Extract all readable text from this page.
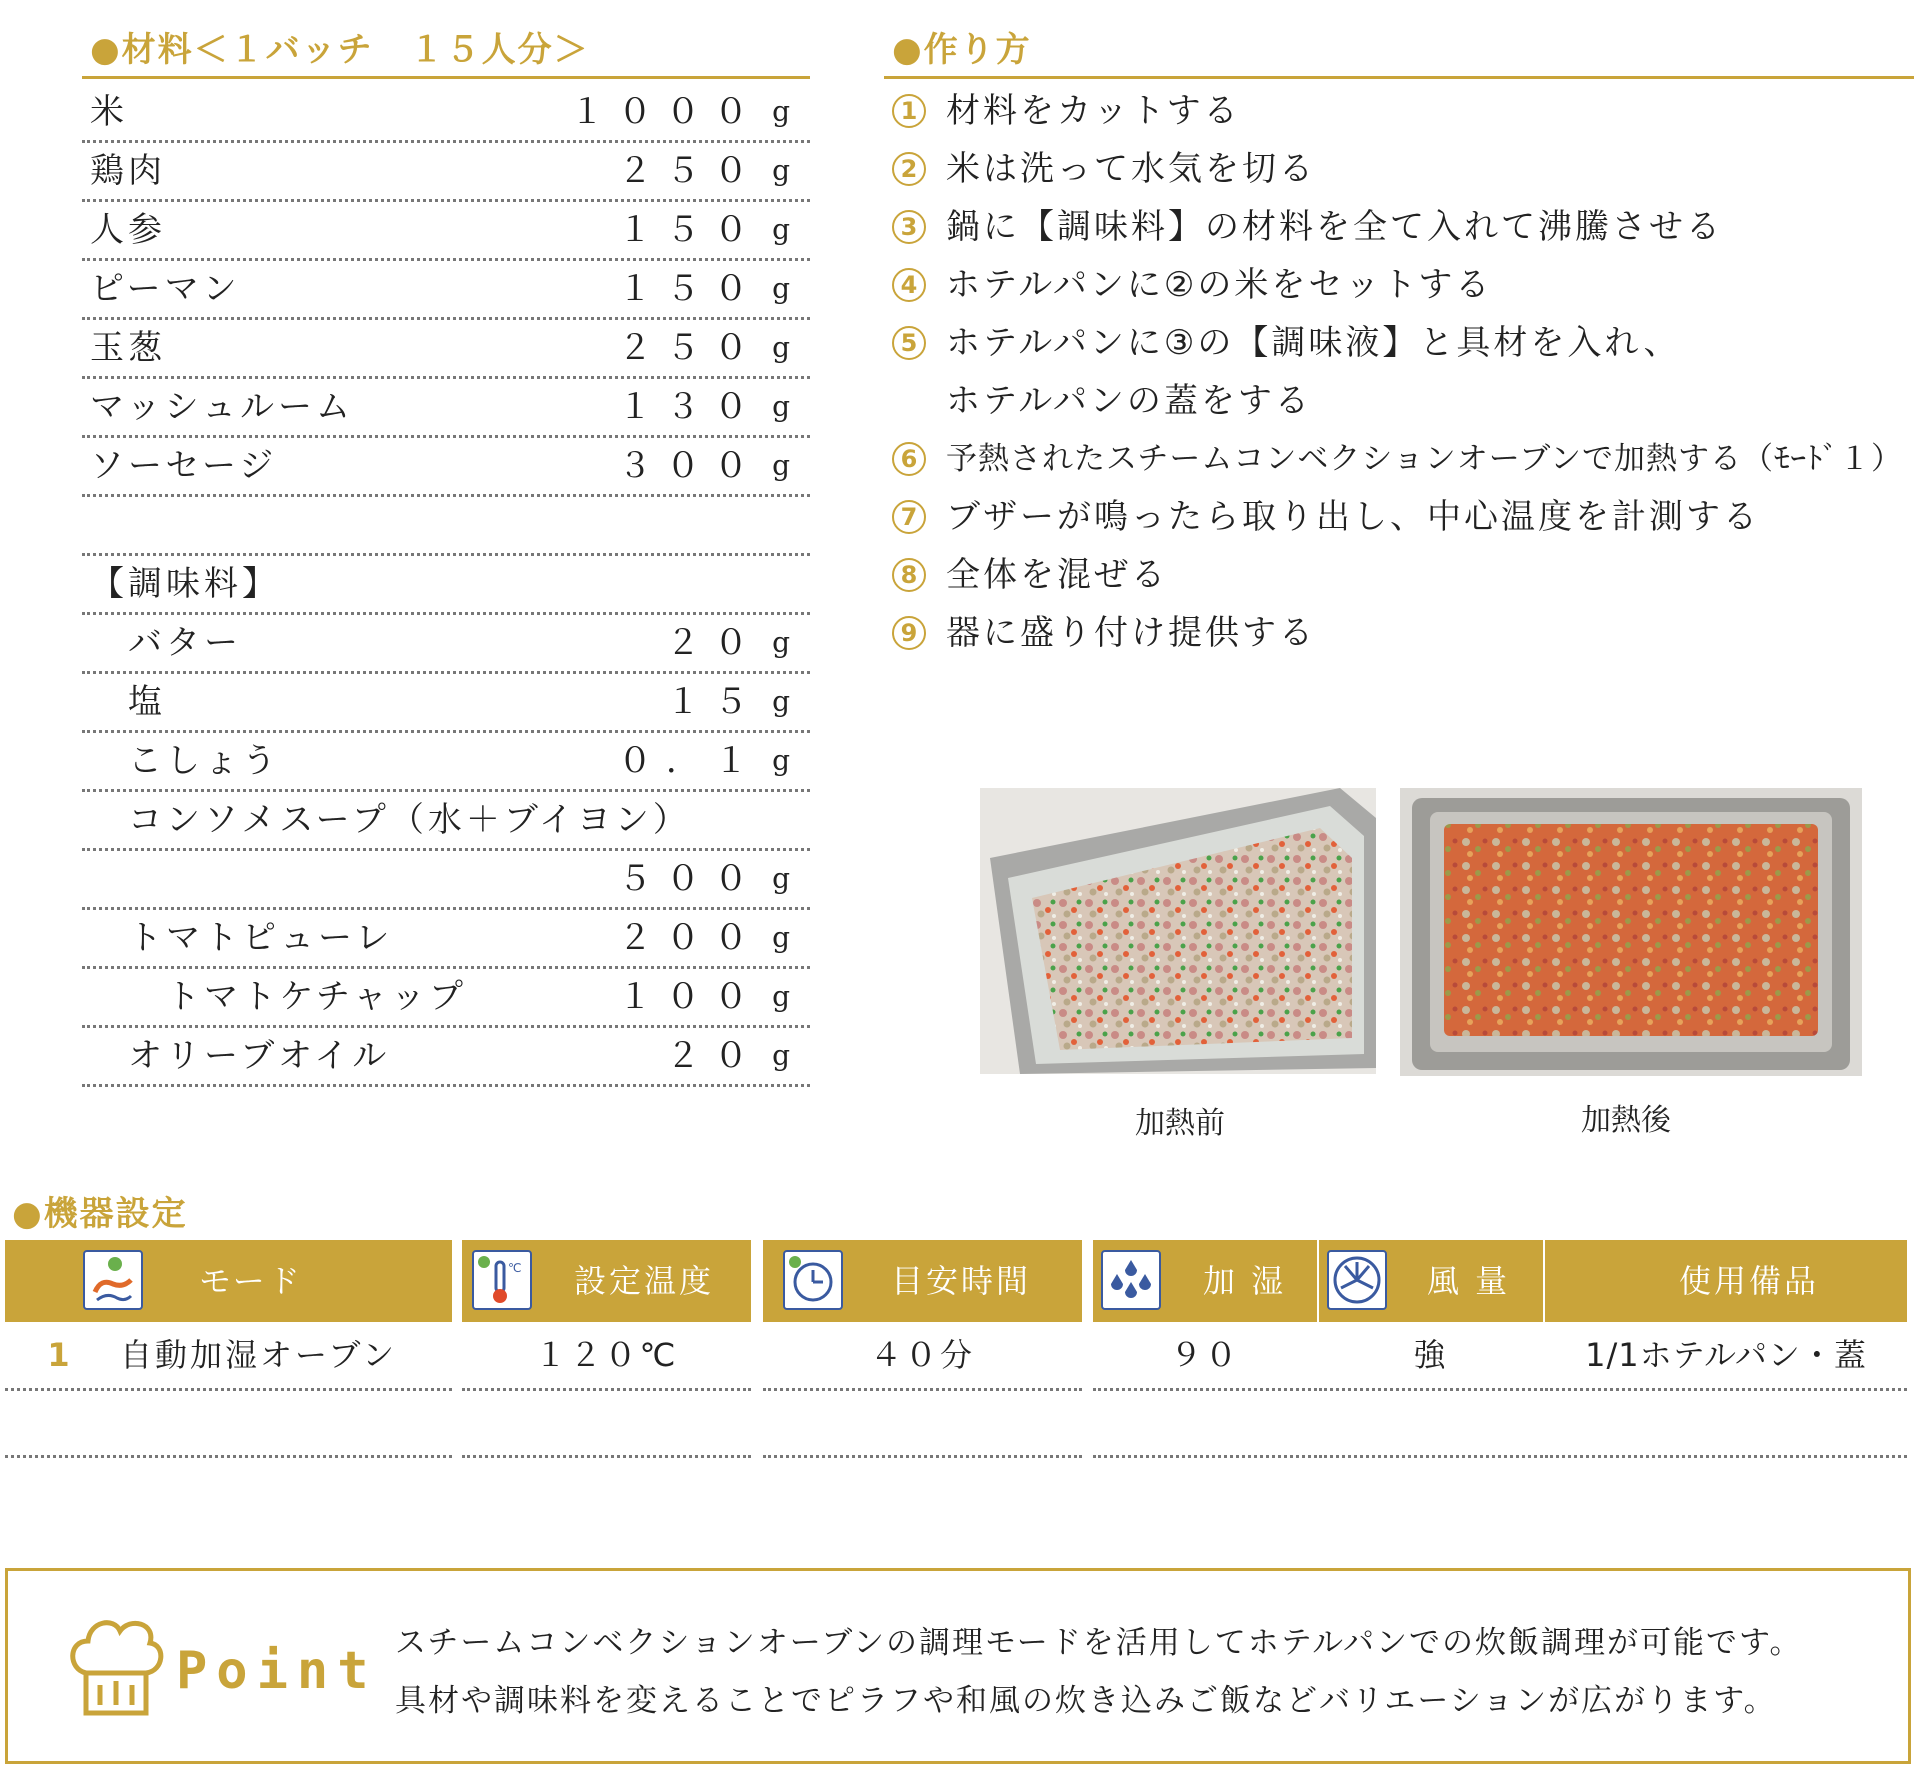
●材料＜１バッチ　１５人分＞
米	１０００ g
鶏肉	２５０ g
人参	１５０ g
ピーマン	１５０ g
玉葱	２５０ g
マッシュルーム	１３０ g
ソーセージ	３００ g
【調味料】
バター	２０ g
塩	１５ g
こしょう	０．１ g
コンソメスープ（水＋ブイヨン）
５００ g
トマトピューレ	２００ g
トマトケチャップ	１００ g
オリーブオイル	２０ g
●作り方
1 材料をカットする
2 米は洗って水気を切る
3 鍋に【調味料】の材料を全て入れて沸騰させる
4 ホテルパンに②の米をセットする
5 ホテルパンに③の【調味液】と具材を入れ、
ホテルパンの蓋をする
6 予熱されたスチームコンベクションオーブンで加熱する（ﾓｰﾄﾞ１）
7 ブザーが鳴ったら取り出し、中心温度を計測する
8 全体を混ぜる
9 器に盛り付け提供する
加熱前	加熱後
●機器設定
モード	℃ 設定温度	目安時間	加 湿	風 量	使用備品
1 自動加湿オーブン	１２０℃	４０分	９０	強	1/1ホテルパン・蓋
Point スチームコンベクションオーブンの調理モードを活用してホテルパンでの炊飯調理が可能です。
具材や調味料を変えることでピラフや和風の炊き込みご飯などバリエーションが広がります。
